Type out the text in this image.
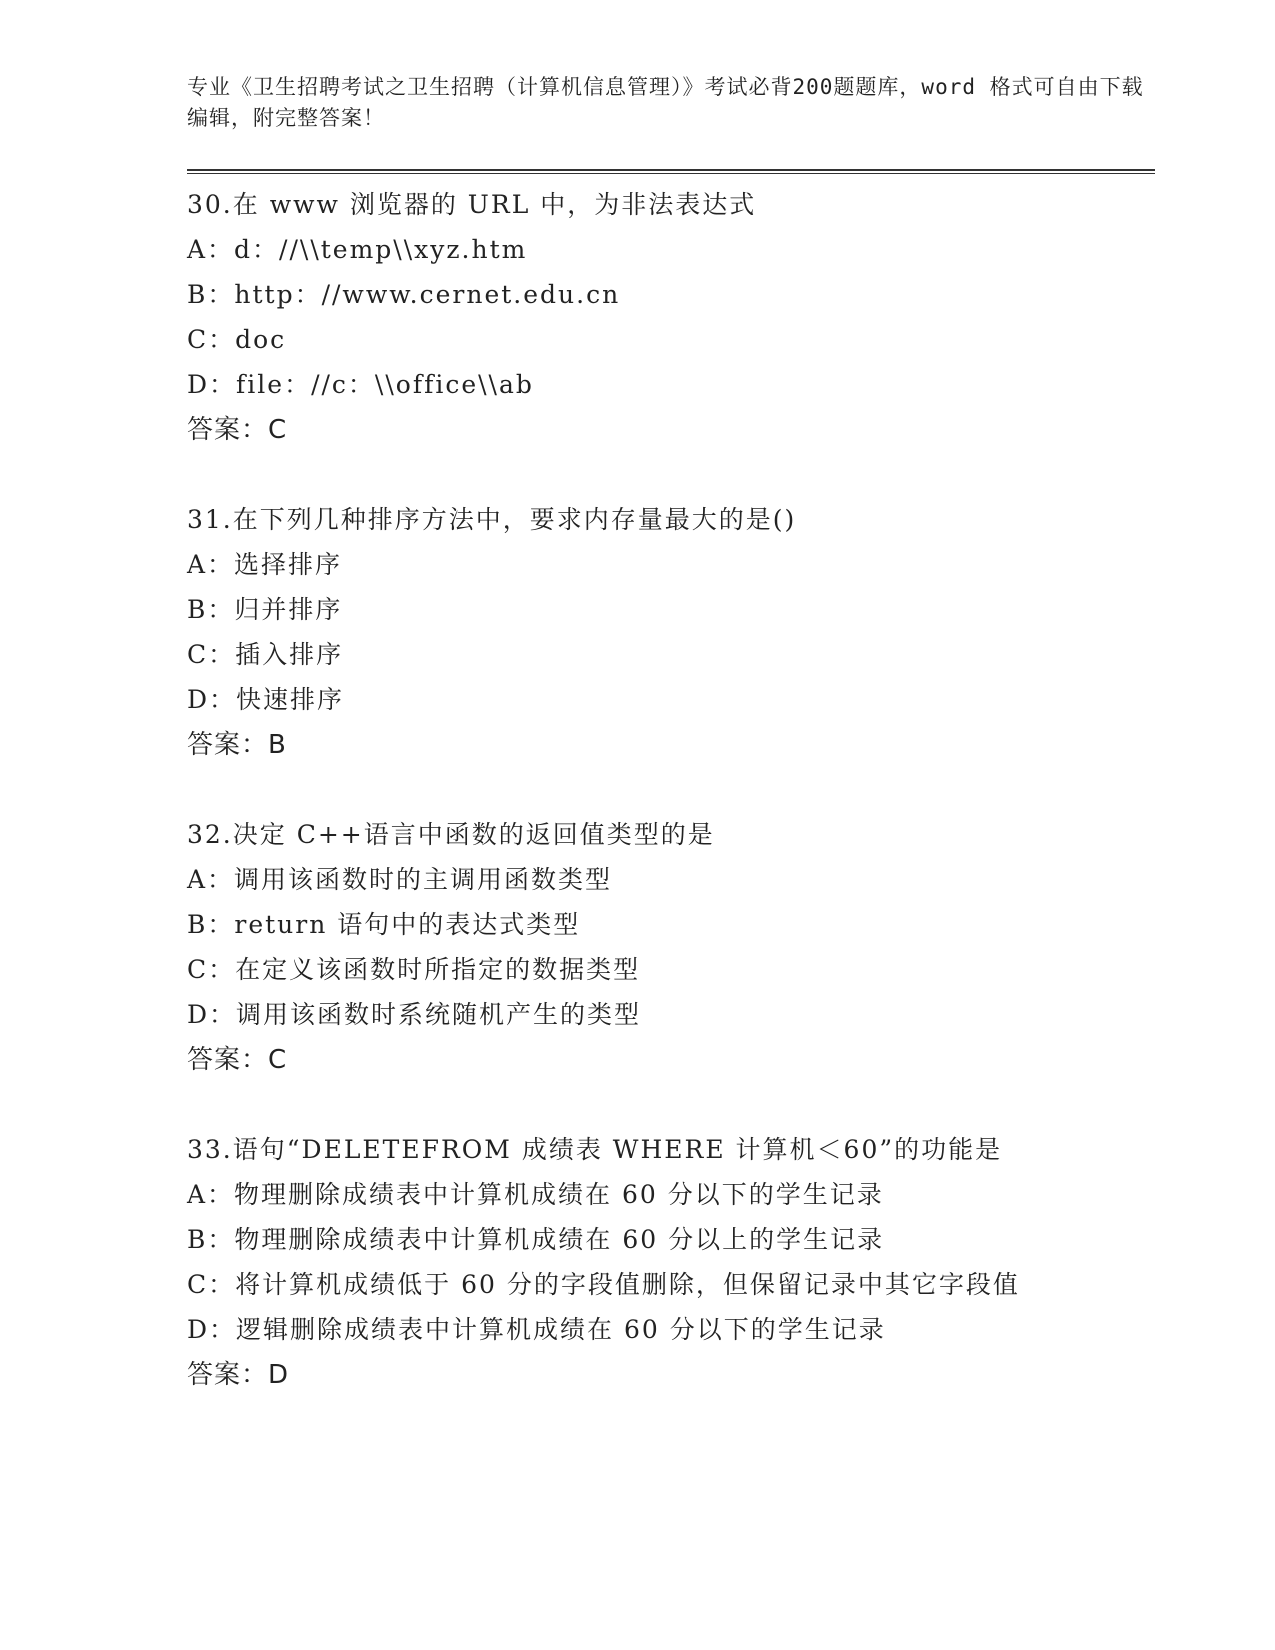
专业《卫生招聘考试之卫生招聘（计算机信息管理）》考试必背200题题库，word 格式可自由下载编辑，附完整答案！
30.在 www 浏览器的 URL 中，为非法表达式
A：d：//\\temp\\xyz.htm
B：http：//www.cernet.edu.cn
C：doc
D：file：//c：\\office\\ab
答案：C
31.在下列几种排序方法中，要求内存量最大的是()
A：选择排序
B：归并排序
C：插入排序
D：快速排序
答案：B
32.决定 C++语言中函数的返回值类型的是
A：调用该函数时的主调用函数类型
B：return 语句中的表达式类型
C：在定义该函数时所指定的数据类型
D：调用该函数时系统随机产生的类型
答案：C
33.语句“DELETEFROM 成绩表 WHERE 计算机＜60”的功能是
A：物理删除成绩表中计算机成绩在 60 分以下的学生记录
B：物理删除成绩表中计算机成绩在 60 分以上的学生记录
C：将计算机成绩低于 60 分的字段值删除，但保留记录中其它字段值
D：逻辑删除成绩表中计算机成绩在 60 分以下的学生记录
答案：D
